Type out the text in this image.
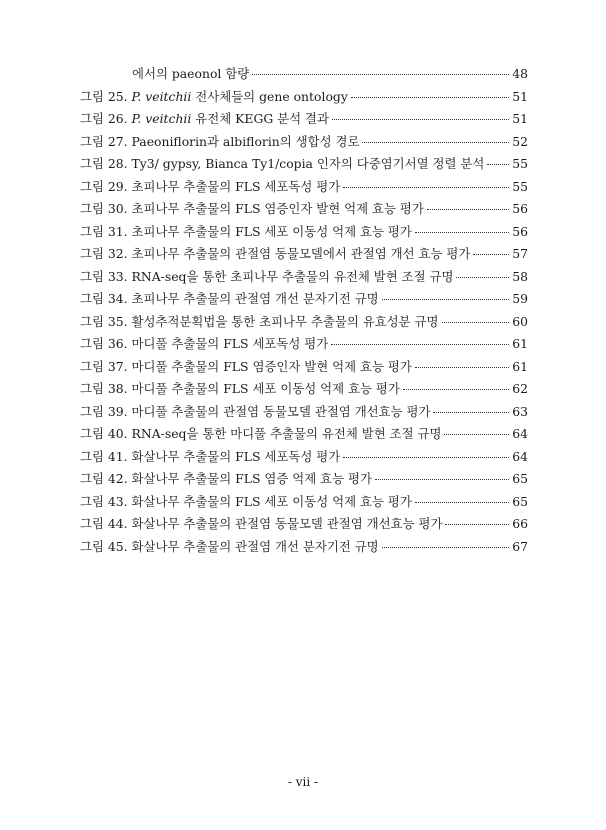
에서의 paeonol 함량	48
그림 25. P. veitchii 전사체들의 gene ontology	51
그림 26. P. veitchii 유전체 KEGG 분석 결과	51
그림 27. Paeoniflorin과 albiflorin의 생합성 경로	52
그림 28. Ty3/ gypsy, Bianca Ty1/copia 인자의 다중염기서열 정렬 분석 55
그림 29. 초피나무 추출물의 FLS 세포독성 평가	55
그림 30. 초피나무 추출물의 FLS 염증인자 발현 억제 효능 평가	56
그림 31. 초피나무 추출물의 FLS 세포 이동성 억제 효능 평가	56
그림 32. 초피나무 추출물의 관절염 동물모델에서 관절염 개선 효능 평가	57
그림 33. RNA-seq을 통한 초피나무 추출물의 유전체 발현 조절 규명	58
그림 34. 초피나무 추출물의 관절염 개선 분자기전 규명	59
그림 35. 활성추적분획법을 통한 초피나무 추출물의 유효성분 규명	60
그림 36. 마디풀 추출물의 FLS 세포독성 평가	61
그림 37. 마디풀 추출물의 FLS 염증인자 발현 억제 효능 평가	61
그림 38. 마디풀 추출물의 FLS 세포 이동성 억제 효능 평가	62
그림 39. 마디풀 추출물의 관절염 동물모델 관절염 개선효능 평가	63
그림 40. RNA-seq을 통한 마디풀 추출물의 유전체 발현 조절 규명	64
그림 41. 화살나무 추출물의 FLS 세포독성 평가	64
그림 42. 화살나무 추출물의 FLS 염증 억제 효능 평가	65
그림 43. 화살나무 추출물의 FLS 세포 이동성 억제 효능 평가	65
그림 44. 화살나무 추출물의 관절염 동물모델 관절염 개선효능 평가	66
그림 45. 화살나무 추출물의 관절염 개선 분자기전 규명	67
- vii -
